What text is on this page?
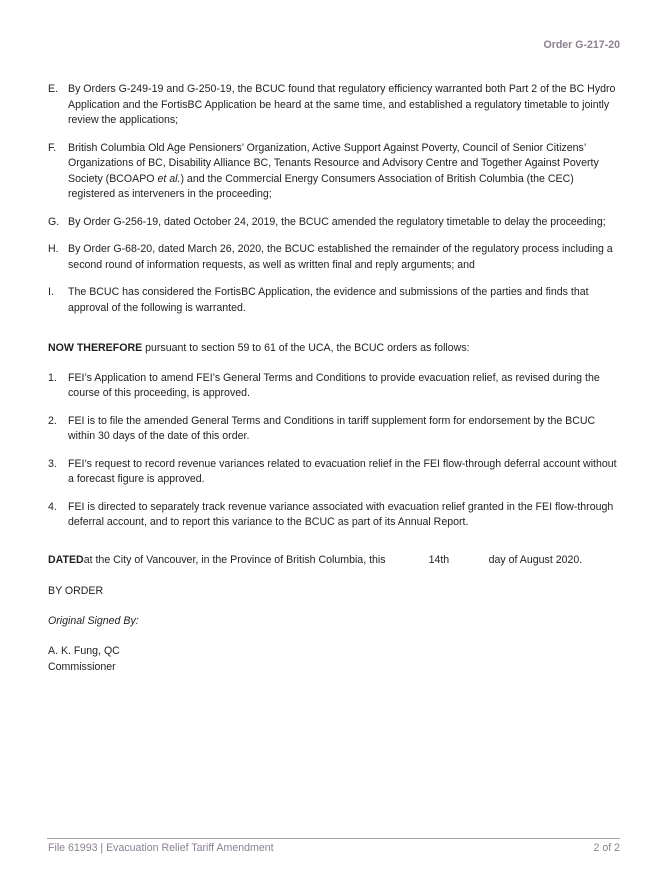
Order G-217-20
E. By Orders G-249-19 and G-250-19, the BCUC found that regulatory efficiency warranted both Part 2 of the BC Hydro Application and the FortisBC Application be heard at the same time, and established a regulatory timetable to jointly review the applications;
F.	British Columbia Old Age Pensioners’ Organization, Active Support Against Poverty, Council of Senior Citizens’ Organizations of BC, Disability Alliance BC, Tenants Resource and Advisory Centre and Together Against Poverty Society (BCOAPO et al.) and the Commercial Energy Consumers Association of British Columbia (the CEC) registered as interveners in the proceeding;
G. By Order G-256-19, dated October 24, 2019, the BCUC amended the regulatory timetable to delay the proceeding;
H. By Order G-68-20, dated March 26, 2020, the BCUC established the remainder of the regulatory process including a second round of information requests, as well as written final and reply arguments; and
I.	The BCUC has considered the FortisBC Application, the evidence and submissions of the parties and finds that approval of the following is warranted.
NOW THEREFORE pursuant to section 59 to 61 of the UCA, the BCUC orders as follows:
1.	FEI’s Application to amend FEI’s General Terms and Conditions to provide evacuation relief, as revised during the course of this proceeding, is approved.
2.	FEI is to file the amended General Terms and Conditions in tariff supplement form for endorsement by the BCUC within 30 days of the date of this order.
3.	FEI’s request to record revenue variances related to evacuation relief in the FEI flow-through deferral account without a forecast figure is approved.
4.	FEI is directed to separately track revenue variance associated with evacuation relief granted in the FEI flow-through deferral account, and to report this variance to the BCUC as part of its Annual Report.
DATED at the City of Vancouver, in the Province of British Columbia, this	14th	day of August 2020.
BY ORDER
Original Signed By:
A. K. Fung, QC
Commissioner
File 61993 | Evacuation Relief Tariff Amendment	2 of 2
